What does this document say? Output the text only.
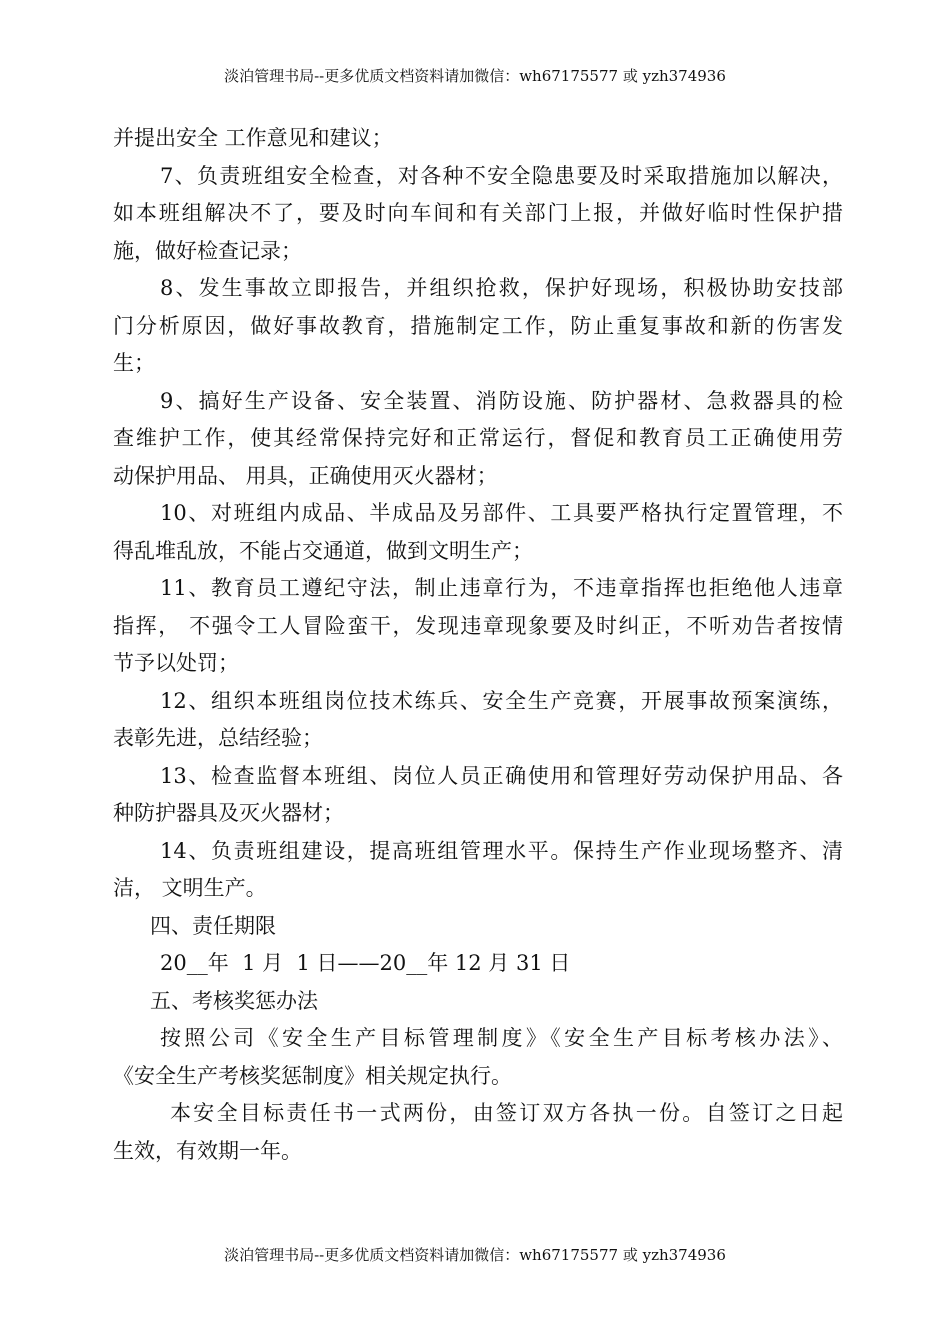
淡泊管理书局--更多优质文档资料请加微信：wh67175577 或 yzh374936
并提出安全 工作意见和建议；
7、负责班组安全检查，对各种不安全隐患要及时采取措施加以解决，
如本班组解决不了，要及时向车间和有关部门上报，并做好临时性保护措
施，做好检查记录；
8、发生事故立即报告，并组织抢救，保护好现场，积极协助安技部
门分析原因，做好事故教育，措施制定工作，防止重复事故和新的伤害发
生；
9、搞好生产设备、安全装置、消防设施、防护器材、急救器具的检
查维护工作，使其经常保持完好和正常运行，督促和教育员工正确使用劳
动保护用品、 用具，正确使用灭火器材；
10、对班组内成品、半成品及另部件、工具要严格执行定置管理，不
得乱堆乱放，不能占交通道，做到文明生产；
11、教育员工遵纪守法，制止违章行为，不违章指挥也拒绝他人违章
指挥， 不强令工人冒险蛮干，发现违章现象要及时纠正，不听劝告者按情
节予以处罚；
12、组织本班组岗位技术练兵、安全生产竞赛，开展事故预案演练，
表彰先进，总结经验；
13、检查监督本班组、岗位人员正确使用和管理好劳动保护用品、各
种防护器具及灭火器材；
14、负责班组建设，提高班组管理水平。保持生产作业现场整齐、清
洁， 文明生产。
四、责任期限
20__年  1 月  1 日——20__年 12 月 31 日
五、考核奖惩办法
按照公司《安全生产目标管理制度》《安全生产目标考核办法》、
《安全生产考核奖惩制度》相关规定执行。
本安全目标责任书一式两份，由签订双方各执一份。自签订之日起
生效，有效期一年。
淡泊管理书局--更多优质文档资料请加微信：wh67175577 或 yzh374936
